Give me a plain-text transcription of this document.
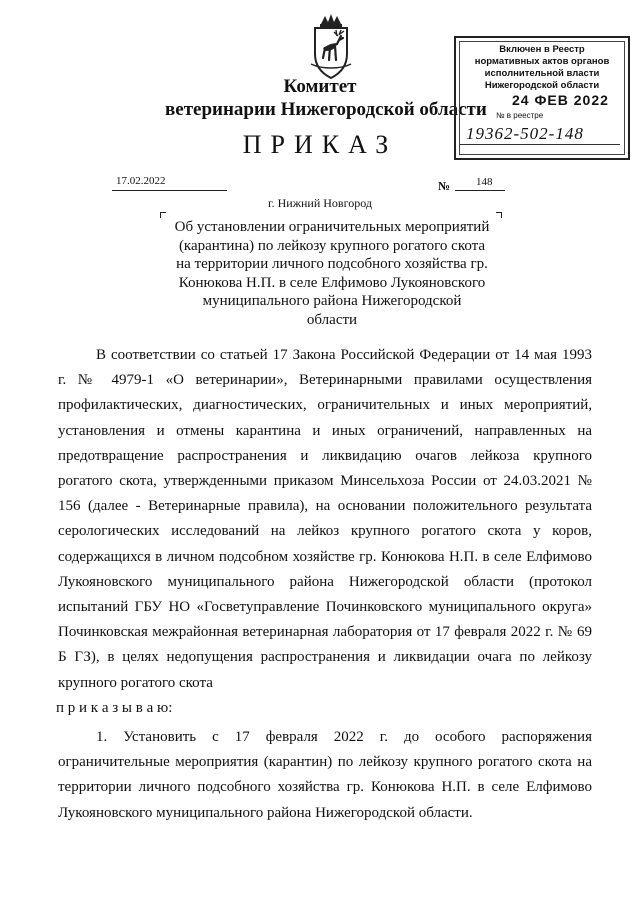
Комитет
ветеринарии Нижегородской области
ПРИКАЗ
Включен в Реестр
нормативных актов органов
исполнительной власти
Нижегородской области
24 ФЕВ 2022
№ в реестре
19362-502-148
17.02.2022	№ 148
г. Нижний Новгород
Об установлении ограничительных мероприятий
(карантина) по лейкозу крупного рогатого скота
на территории личного подсобного хозяйства гр.
Конюкова Н.П. в селе Елфимово Лукояновского
муниципального района Нижегородской
области
В соответствии со статьей 17 Закона Российской Федерации от 14 мая 1993
г. № 4979-1 «О ветеринарии», Ветеринарными правилами осуществления
профилактических, диагностических, ограничительных и иных мероприятий,
установления и отмены карантина и иных ограничений, направленных на
предотвращение распространения и ликвидацию очагов лейкоза крупного
рогатого скота, утвержденными приказом Минсельхоза России от 24.03.2021 №
156 (далее - Ветеринарные правила), на основании положительного результата
серологических исследований на лейкоз крупного рогатого скота у коров,
содержащихся в личном подсобном хозяйстве гр. Конюкова Н.П. в селе Елфимово
Лукояновского муниципального района Нижегородской области (протокол
испытаний ГБУ НО «Госветуправление Починковского муниципального округа»
Починковская межрайонная ветеринарная лаборатория от 17 февраля 2022 г. № 69
Б ГЗ), в целях недопущения распространения и ликвидации очага по лейкозу
крупного рогатого скота
п р и к а з ы в а ю:
1. Установить с 17 февраля 2022 г. до особого распоряжения
ограничительные мероприятия (карантин) по лейкозу крупного рогатого скота на
территории личного подсобного хозяйства гр. Конюкова Н.П. в селе Елфимово
Лукояновского муниципального района Нижегородской области.
